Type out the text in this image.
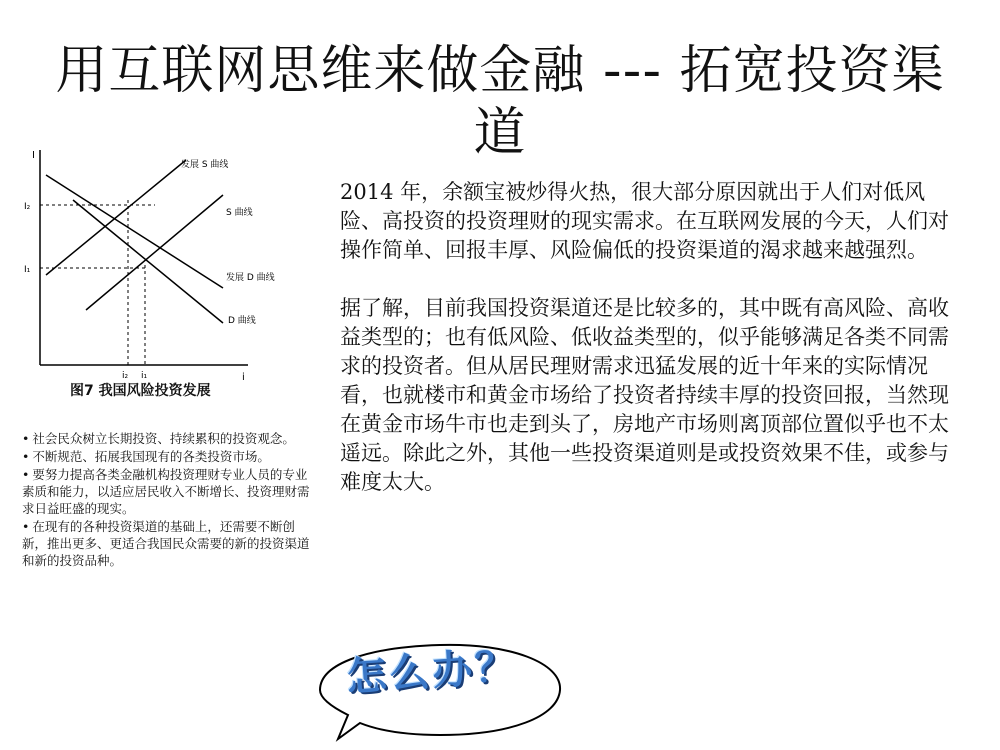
用互联网思维来做金融 --- 拓宽投资渠道
I
i
I₂
I₁
i₂ i₁
发展 S 曲线
S 曲线
发展 D 曲线
D 曲线
图7 我国风险投资发展
• 社会民众树立长期投资、持续累积的投资观念。
• 不断规范、拓展我国现有的各类投资市场。
• 要努力提高各类金融机构投资理财专业人员的专业素质和能力，以适应居民收入不断增长、投资理财需求日益旺盛的现实。
• 在现有的各种投资渠道的基础上，还需要不断创新，推出更多、更适合我国民众需要的新的投资渠道和新的投资品种。

2014 年，余额宝被炒得火热，很大部分原因就出于人们对低风险、高投资的投资理财的现实需求。在互联网发展的今天，人们对操作简单、回报丰厚、风险偏低的投资渠道的渴求越来越强烈。

据了解，目前我国投资渠道还是比较多的，其中既有高风险、高收益类型的；也有低风险、低收益类型的，似乎能够满足各类不同需求的投资者。但从居民理财需求迅猛发展的近十年来的实际情况看，也就楼市和黄金市场给了投资者持续丰厚的投资回报，当然现在黄金市场牛市也走到头了，房地产市场则离顶部位置似乎也不太遥远。除此之外，其他一些投资渠道则是或投资效果不佳，或参与难度太大。

怎么办？
